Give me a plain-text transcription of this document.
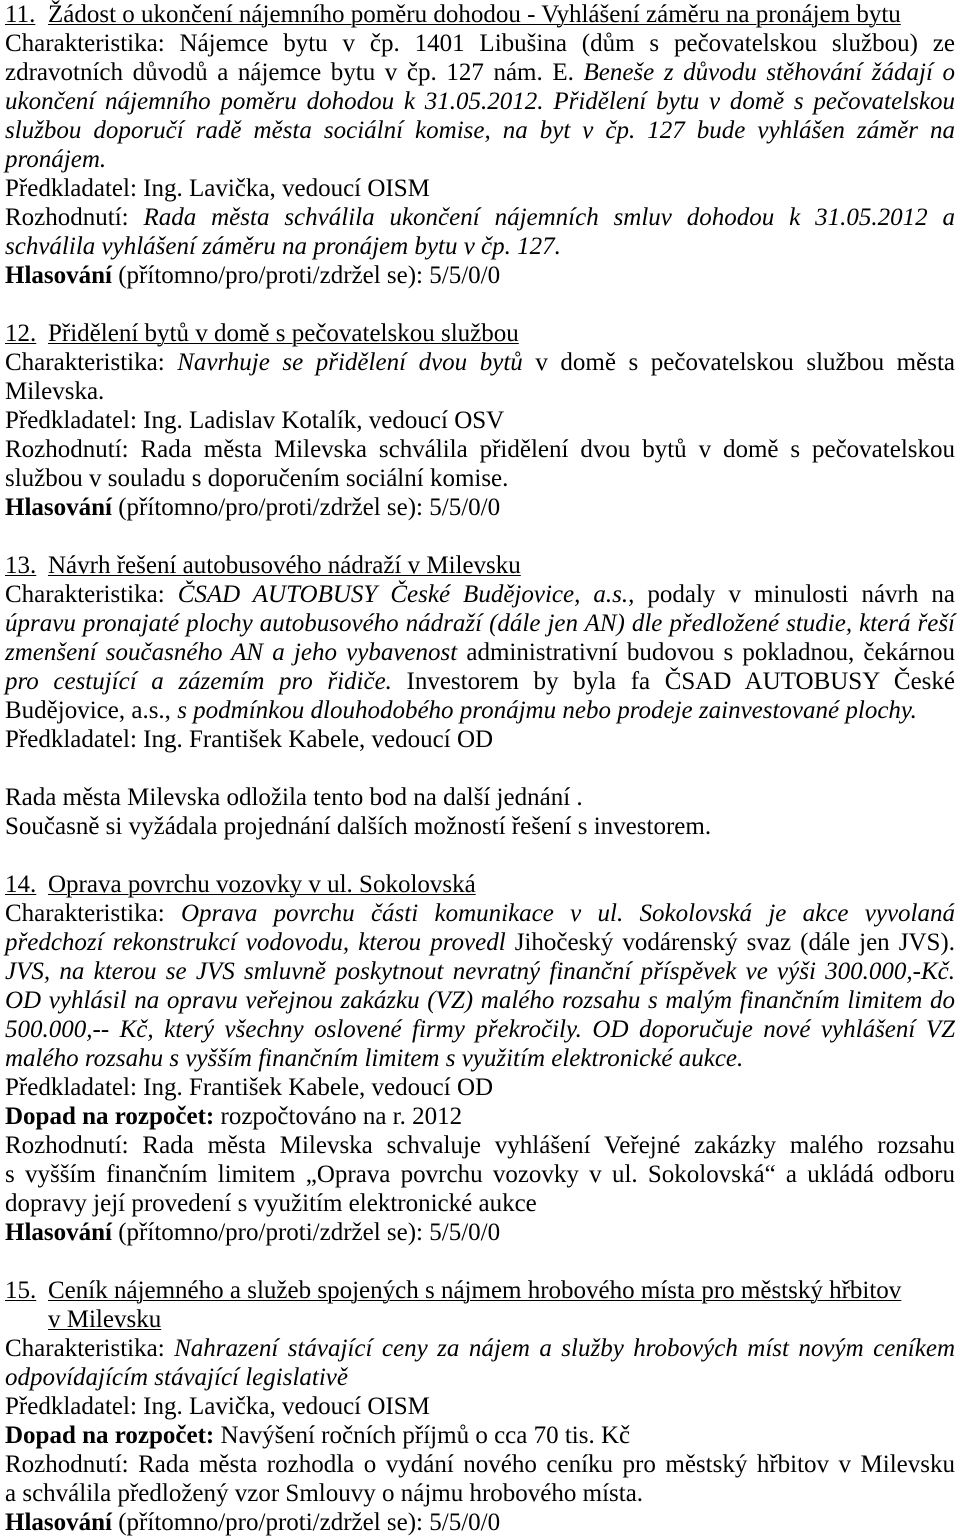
11. Žádost o ukončení nájemního poměru dohodou - Vyhlášení záměru na pronájem bytu
Charakteristika: Nájemce bytu v čp. 1401 Libušina (dům s pečovatelskou službou) ze
zdravotních důvodů a nájemce bytu v čp. 127 nám. E. Beneše z důvodu stěhování žádají o
ukončení nájemního poměru dohodou k 31.05.2012. Přidělení bytu v domě s pečovatelskou
službou doporučí radě města sociální komise, na byt v čp. 127 bude vyhlášen záměr na
pronájem.
Předkladatel: Ing. Lavička, vedoucí OISM
Rozhodnutí: Rada města schválila ukončení nájemních smluv dohodou k 31.05.2012 a
schválila vyhlášení záměru na pronájem bytu v čp. 127.
Hlasování (přítomno/pro/proti/zdržel se): 5/5/0/0
12. Přidělení bytů v domě s pečovatelskou službou
Charakteristika: Navrhuje se přidělení dvou bytů v domě s pečovatelskou službou města
Milevska.
Předkladatel: Ing. Ladislav Kotalík, vedoucí OSV
Rozhodnutí: Rada města Milevska schválila přidělení dvou bytů v domě s pečovatelskou
službou v souladu s doporučením sociální komise.
Hlasování (přítomno/pro/proti/zdržel se): 5/5/0/0
13. Návrh řešení autobusového nádraží v Milevsku
Charakteristika: ČSAD AUTOBUSY České Budějovice, a.s., podaly v minulosti návrh na
úpravu pronajaté plochy autobusového nádraží (dále jen AN) dle předložené studie, která řeší
zmenšení současného AN a jeho vybavenost administrativní budovou s pokladnou, čekárnou
pro cestující a zázemím pro řidiče. Investorem by byla fa ČSAD AUTOBUSY České
Budějovice, a.s., s podmínkou dlouhodobého pronájmu nebo prodeje zainvestované plochy.
Předkladatel: Ing. František Kabele, vedoucí OD
Rada města Milevska odložila tento bod na další jednání .
Současně si vyžádala projednání dalších možností řešení s investorem.
14. Oprava povrchu vozovky v ul. Sokolovská
Charakteristika: Oprava povrchu části komunikace v ul. Sokolovská je akce vyvolaná
předchozí rekonstrukcí vodovodu, kterou provedl Jihočeský vodárenský svaz (dále jen JVS).
JVS, na kterou se JVS smluvně poskytnout nevratný finanční příspěvek ve výši 300.000,-Kč.
OD vyhlásil na opravu veřejnou zakázku (VZ) malého rozsahu s malým finančním limitem do
500.000,-- Kč, který všechny oslovené firmy překročily. OD doporučuje nové vyhlášení VZ
malého rozsahu s vyšším finančním limitem s využitím elektronické aukce.
Předkladatel: Ing. František Kabele, vedoucí OD
Dopad na rozpočet: rozpočtováno na r. 2012
Rozhodnutí: Rada města Milevska schvaluje vyhlášení Veřejné zakázky malého rozsahu
s vyšším finančním limitem „Oprava povrchu vozovky v ul. Sokolovská“ a ukládá odboru
dopravy její provedení s využitím elektronické aukce
Hlasování (přítomno/pro/proti/zdržel se): 5/5/0/0
15. Ceník nájemného a služeb spojených s nájmem hrobového místa pro městský hřbitov
v Milevsku
Charakteristika: Nahrazení stávající ceny za nájem a služby hrobových míst novým ceníkem
odpovídajícím stávající legislativě
Předkladatel: Ing. Lavička, vedoucí OISM
Dopad na rozpočet: Navýšení ročních příjmů o cca 70 tis. Kč
Rozhodnutí: Rada města rozhodla o vydání nového ceníku pro městský hřbitov v Milevsku
a schválila předložený vzor Smlouvy o nájmu hrobového místa.
Hlasování (přítomno/pro/proti/zdržel se): 5/5/0/0
